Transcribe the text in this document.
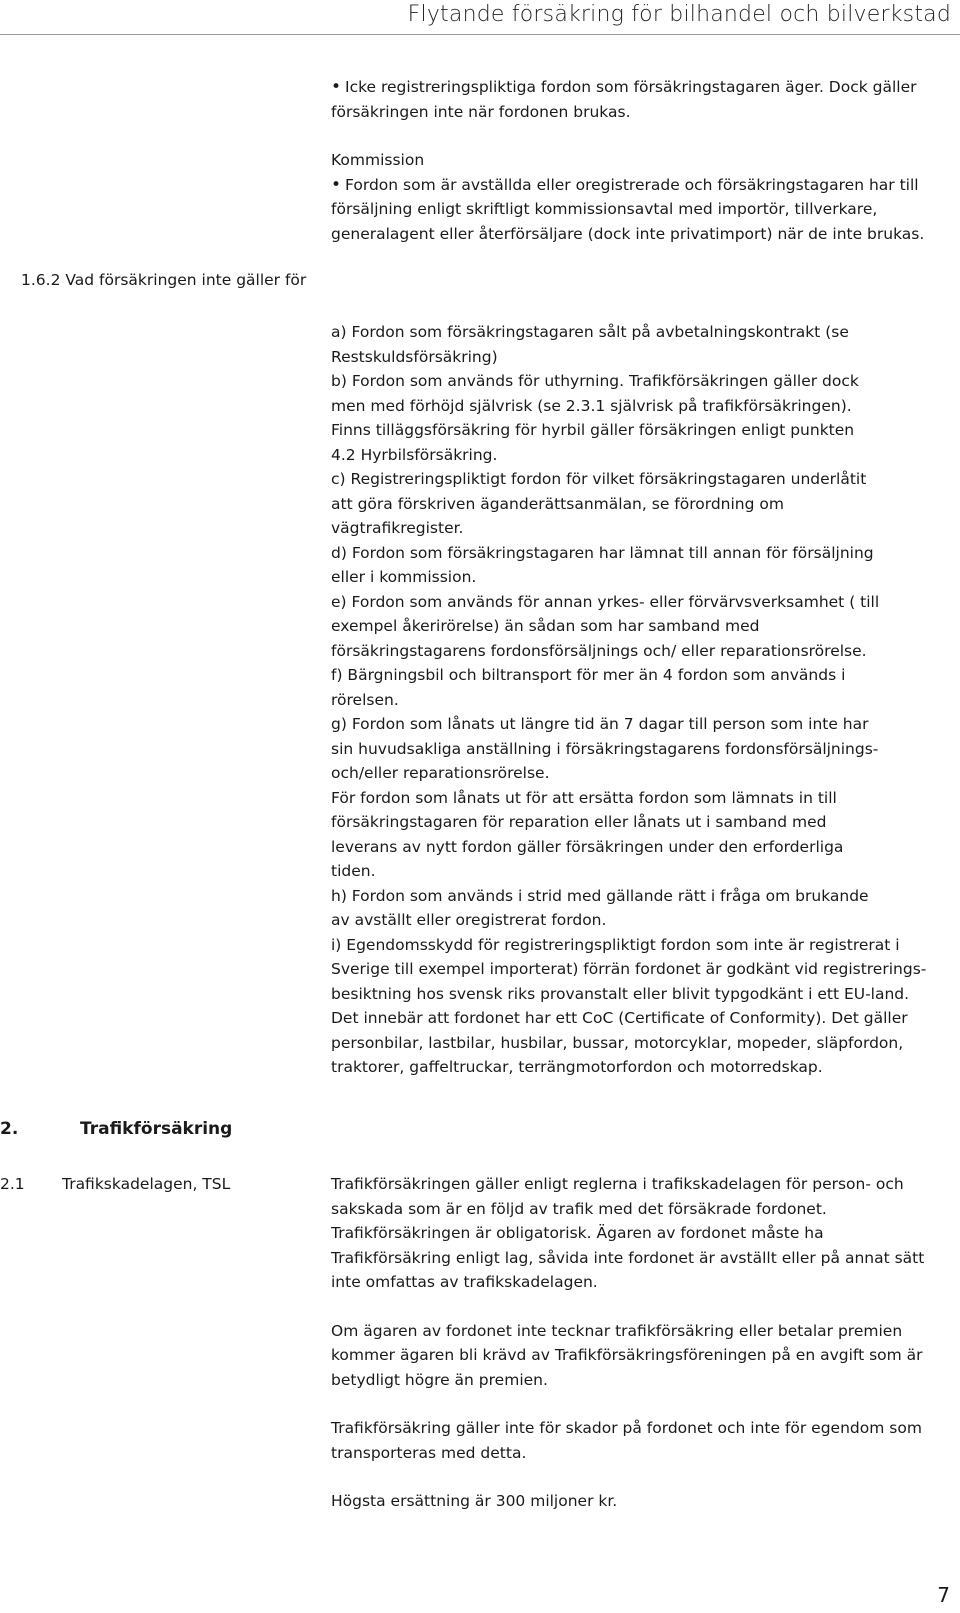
Flytande försäkring för bilhandel och bilverkstad

• Icke registreringspliktiga fordon som försäkringstagaren äger. Dock gäller försäkringen inte när fordonen brukas.

Kommission

• Fordon som är avställda eller oregistrerade och försäkringstagaren har till försäljning enligt skriftligt kommissionsavtal med importör, tillverkare, generalagent eller återförsäljare (dock inte privatimport) när de inte brukas.

1.6.2 Vad försäkringen inte gäller för

a) Fordon som försäkringstagaren sålt på avbetalningskontrakt (se

Restskuldsförsäkring)

b) Fordon som används för uthyrning. Trafikförsäkringen gäller dock

men med förhöjd självrisk (se 2.3.1 självrisk på trafikförsäkringen).

Finns tilläggsförsäkring för hyrbil gäller försäkringen enligt punkten

4.2 Hyrbilsförsäkring.

c) Registreringspliktigt fordon för vilket försäkringstagaren underlåtit

att göra förskriven äganderättsanmälan, se förordning om

vägtrafikregister.

d) Fordon som försäkringstagaren har lämnat till annan för försäljning

eller i kommission.

e) Fordon som används för annan yrkes- eller förvärvsverksamhet ( till

exempel åkerirörelse) än sådan som har samband med

försäkringstagarens fordonsförsäljnings och/ eller reparationsrörelse.

f) Bärgningsbil och biltransport för mer än 4 fordon som används i

rörelsen.

g) Fordon som lånats ut längre tid än 7 dagar till person som inte har

sin huvudsakliga anställning i försäkringstagarens fordonsförsäljnings-

och/eller reparationsrörelse.

För fordon som lånats ut för att ersätta fordon som lämnats in till

försäkringstagaren för reparation eller lånats ut i samband med

leverans av nytt fordon gäller försäkringen under den erforderliga

tiden.

h) Fordon som används i strid med gällande rätt i fråga om brukande

av avställt eller oregistrerat fordon.

i) Egendomsskydd för registreringspliktigt fordon som inte är registrerat i

Sverige till exempel importerat) förrän fordonet är godkänt vid registrerings-

besiktning hos svensk riks provanstalt eller blivit typgodkänt i ett EU-land.

Det innebär att fordonet har ett CoC (Certificate of Conformity). Det gäller

personbilar, lastbilar, husbilar, bussar, motorcyklar, mopeder, släpfordon,

traktorer, gaffeltruckar, terrängmotorfordon och motorredskap.

2.	Trafikförsäkring
2.1 Trafikskadelagen, TSL	Trafikförsäkringen gäller enligt reglerna i trafikskadelagen för person- och

sakskada som är en följd av trafik med det försäkrade fordonet.

Trafikförsäkringen är obligatorisk. Ägaren av fordonet måste ha

Trafikförsäkring enligt lag, såvida inte fordonet är avställt eller på annat sätt

inte omfattas av trafikskadelagen.

Om ägaren av fordonet inte tecknar trafikförsäkring eller betalar premien

kommer ägaren bli krävd av Trafikförsäkringsföreningen på en avgift som är

betydligt högre än premien.

Trafikförsäkring gäller inte för skador på fordonet och inte för egendom som

transporteras med detta.

Högsta ersättning är 300 miljoner kr.

7
